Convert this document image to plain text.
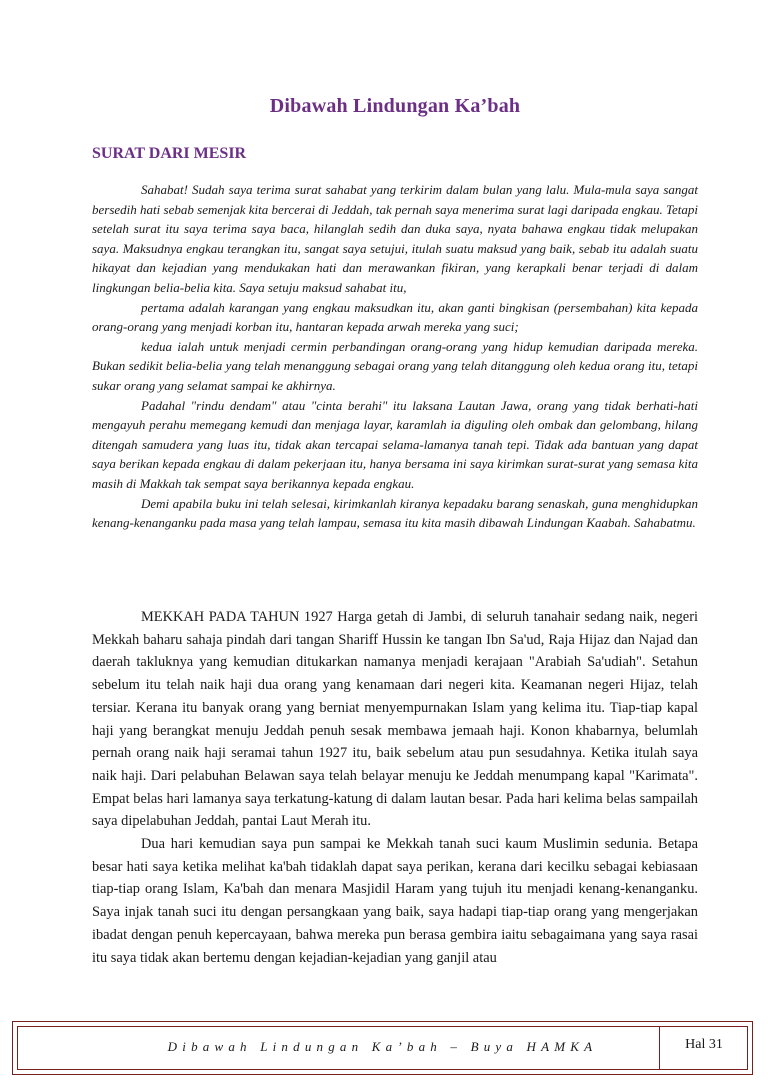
Dibawah Lindungan Ka’bah
SURAT DARI MESIR

Sahabat! Sudah saya terima surat sahabat yang terkirim dalam bulan yang lalu. Mula-mula saya sangat bersedih hati sebab semenjak kita bercerai di Jeddah, tak pernah saya menerima surat lagi daripada engkau. Tetapi setelah surat itu saya terima saya baca, hilanglah sedih dan duka saya, nyata bahawa engkau tidak melupakan saya. Maksudnya engkau terangkan itu, sangat saya setujui, itulah suatu maksud yang baik, sebab itu adalah suatu hikayat dan kejadian yang mendukakan hati dan merawankan fikiran, yang kerapkali benar terjadi di dalam lingkungan belia-belia kita. Saya setuju maksud sahabat itu,

pertama adalah karangan yang engkau maksudkan itu, akan ganti bingkisan (persembahan) kita kepada orang-orang yang menjadi korban itu, hantaran kepada arwah mereka yang suci;

kedua ialah untuk menjadi cermin perbandingan orang-orang yang hidup kemudian daripada mereka. Bukan sedikit belia-belia yang telah menanggung sebagai orang yang telah ditanggung oleh kedua orang itu, tetapi sukar orang yang selamat sampai ke akhirnya.

Padahal "rindu dendam" atau "cinta berahi" itu laksana Lautan Jawa, orang yang tidak berhati-hati mengayuh perahu memegang kemudi dan menjaga layar, karamlah ia diguling oleh ombak dan gelombang, hilang ditengah samudera yang luas itu, tidak akan tercapai selama-lamanya tanah tepi. Tidak ada bantuan yang dapat saya berikan kepada engkau di dalam pekerjaan itu, hanya bersama ini saya kirimkan surat-surat yang semasa kita masih di Makkah tak sempat saya berikannya kepada engkau.

Demi apabila buku ini telah selesai, kirimkanlah kiranya kepadaku barang senaskah, guna menghidupkan kenang-kenanganku pada masa yang telah lampau, semasa itu kita masih dibawah Lindungan Kaabah. Sahabatmu.

MEKKAH PADA TAHUN 1927 Harga getah di Jambi, di seluruh tanahair sedang naik, negeri Mekkah baharu sahaja pindah dari tangan Shariff Hussin ke tangan Ibn Sa'ud, Raja Hijaz dan Najad dan daerah takluknya yang kemudian ditukarkan namanya menjadi kerajaan "Arabiah Sa'udiah". Setahun sebelum itu telah naik haji dua orang yang kenamaan dari negeri kita. Keamanan negeri Hijaz, telah tersiar. Kerana itu banyak orang yang berniat menyempurnakan Islam yang kelima itu. Tiap-tiap kapal haji yang berangkat menuju Jeddah penuh sesak membawa jemaah haji. Konon khabarnya, belumlah pernah orang naik haji seramai tahun 1927 itu, baik sebelum atau pun sesudahnya. Ketika itulah saya naik haji. Dari pelabuhan Belawan saya telah belayar menuju ke Jeddah menumpang kapal "Karimata". Empat belas hari lamanya saya terkatung-katung di dalam lautan besar. Pada hari kelima belas sampailah saya dipelabuhan Jeddah, pantai Laut Merah itu.

Dua hari kemudian saya pun sampai ke Mekkah tanah suci kaum Muslimin sedunia. Betapa besar hati saya ketika melihat ka'bah tidaklah dapat saya perikan, kerana dari kecilku sebagai kebiasaan tiap-tiap orang Islam, Ka'bah dan menara Masjidil Haram yang tujuh itu menjadi kenang-kenanganku. Saya injak tanah suci itu dengan persangkaan yang baik, saya hadapi tiap-tiap orang yang mengerjakan ibadat dengan penuh kepercayaan, bahwa mereka pun berasa gembira iaitu sebagaimana yang saya rasai itu saya tidak akan bertemu dengan kejadian-kejadian yang ganjil atau

Dibawah Lindungan Ka’bah – Buya HAMKA	Hal 31
